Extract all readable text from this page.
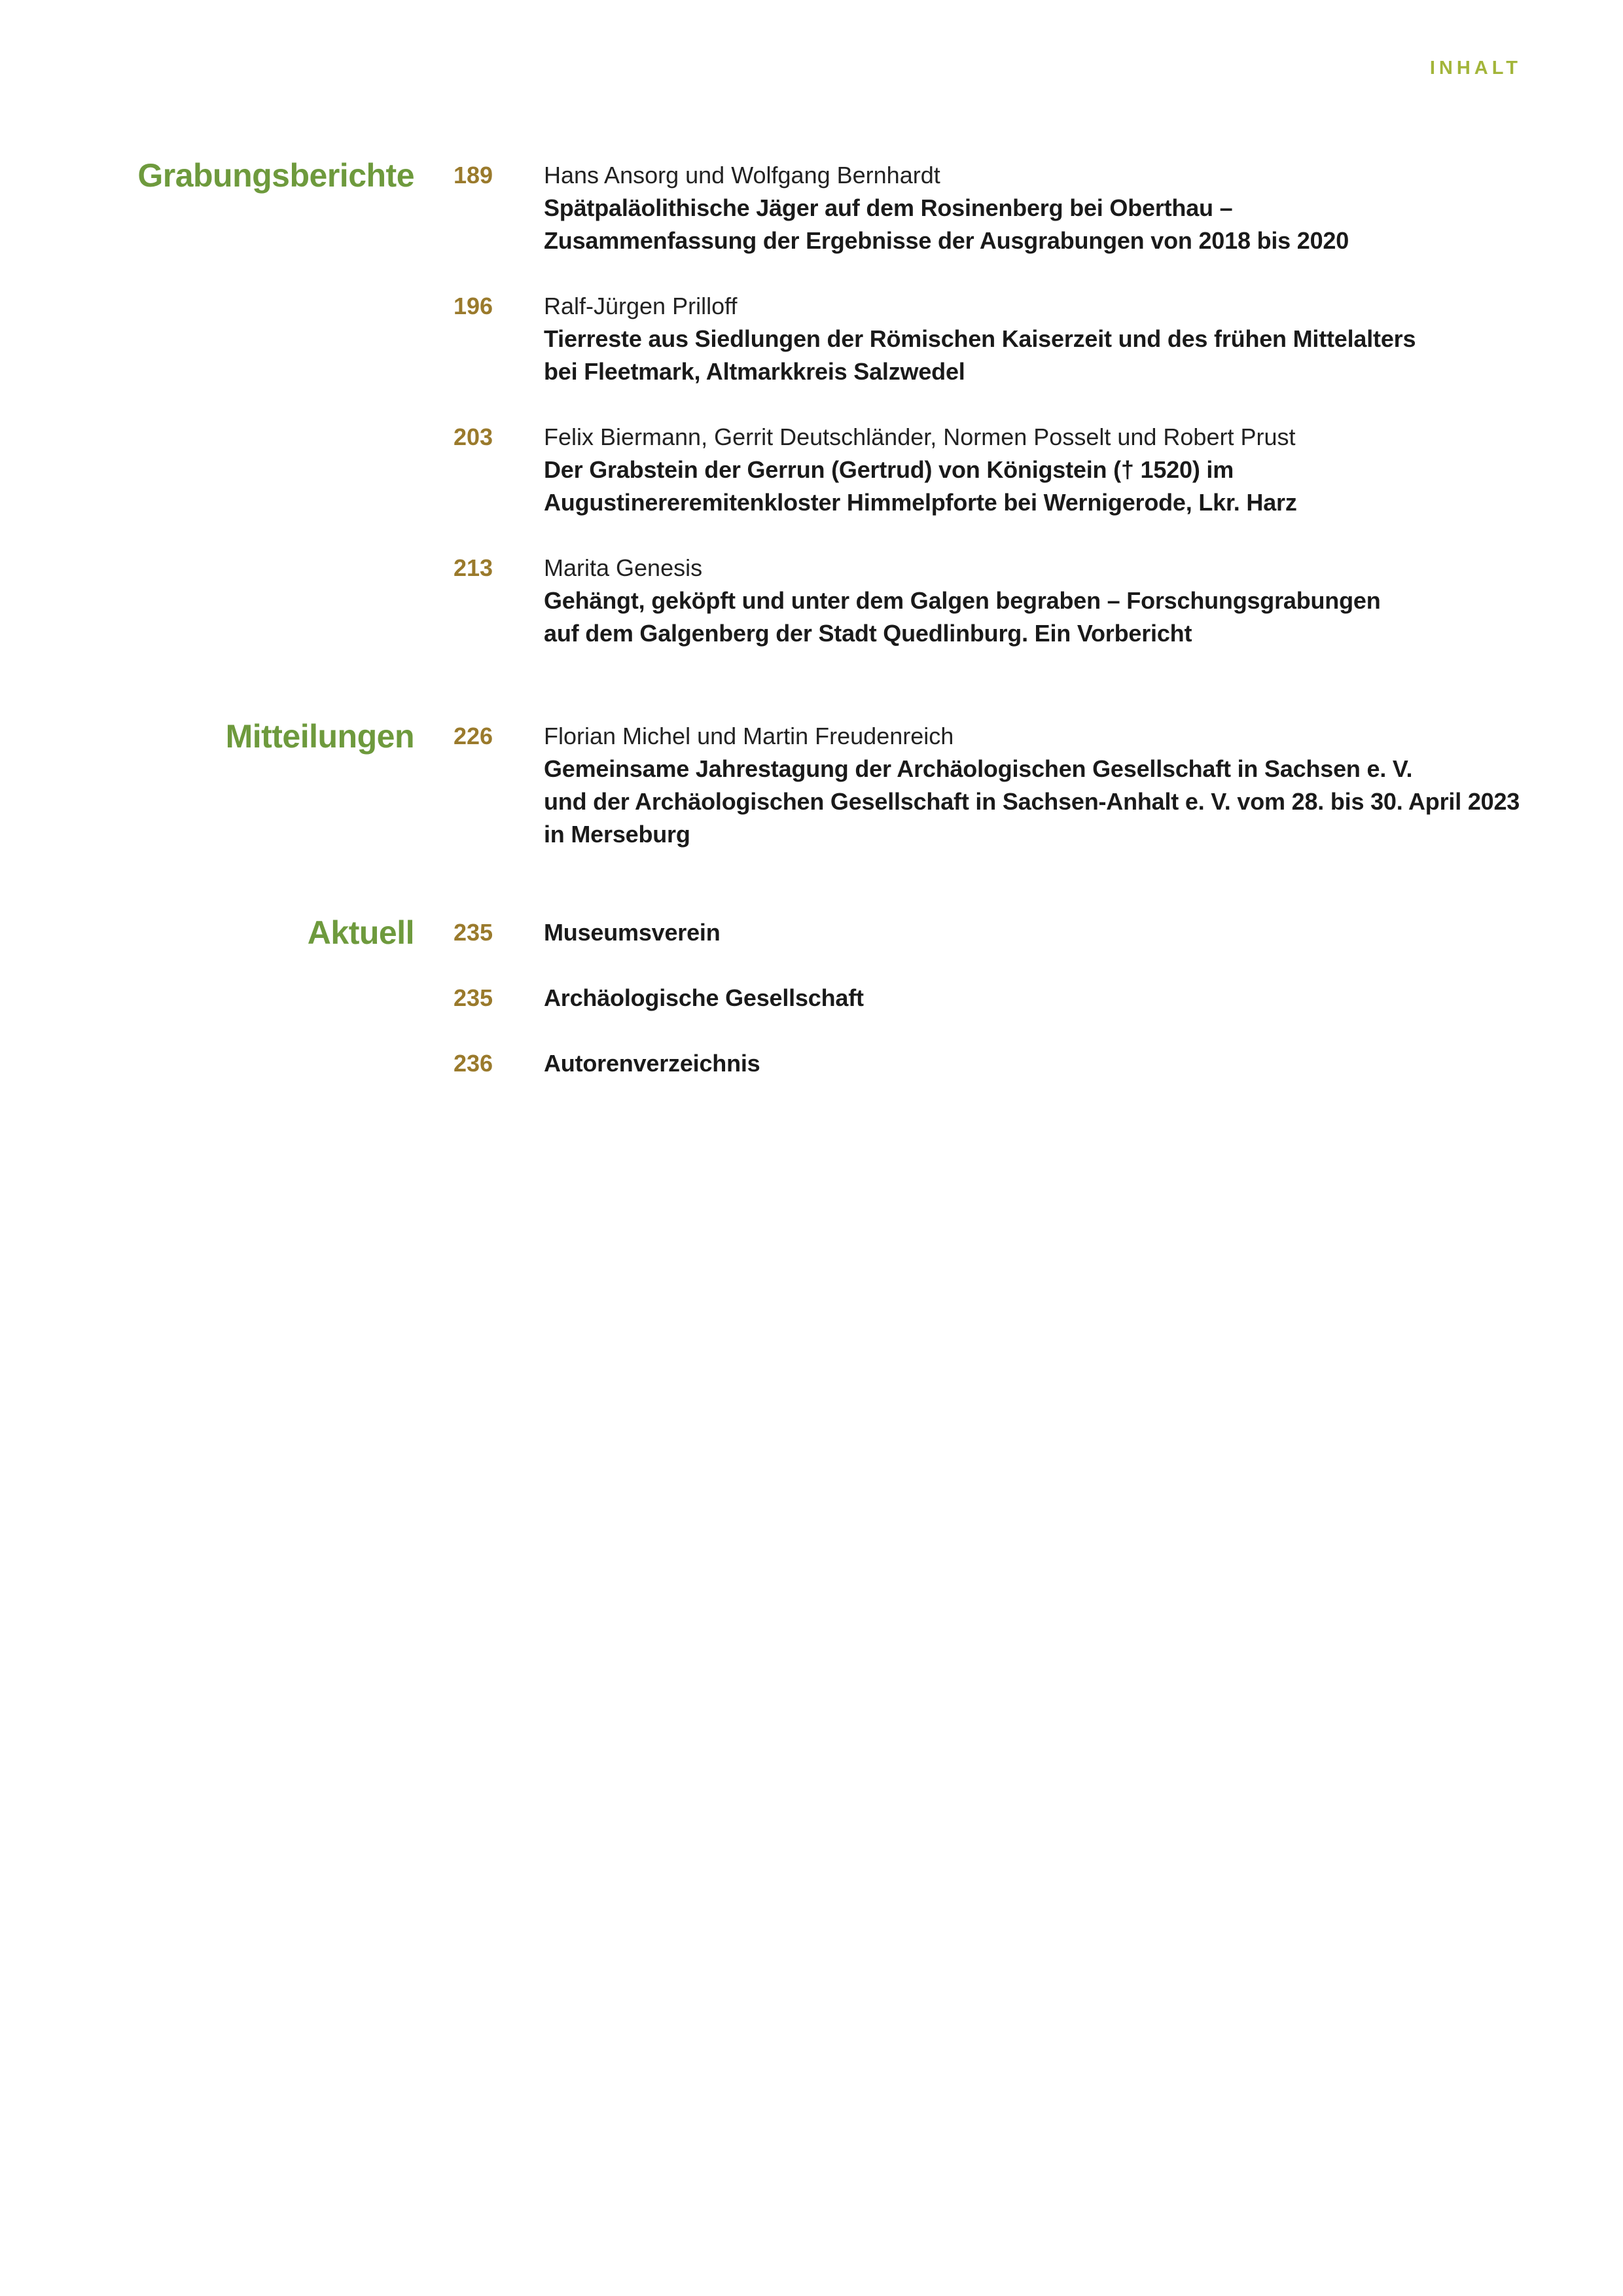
INHALT
Grabungsberichte 189 Hans Ansorg und Wolfgang Bernhardt
Spätpaläolithische Jäger auf dem Rosinenberg bei Oberthau –
Zusammenfassung der Ergebnisse der Ausgrabungen von 2018 bis 2020
196 Ralf-Jürgen Prilloff
Tierreste aus Siedlungen der Römischen Kaiserzeit und des frühen Mittelalters
bei Fleetmark, Altmarkkreis Salzwedel
203 Felix Biermann, Gerrit Deutschländer, Normen Posselt und Robert Prust
Der Grabstein der Gerrun (Gertrud) von Königstein († 1520) im
Augustinereremitenkloster Himmelpforte bei Wernigerode, Lkr. Harz
213 Marita Genesis
Gehängt, geköpft und unter dem Galgen begraben – Forschungsgrabungen
auf dem Galgenberg der Stadt Quedlinburg. Ein Vorbericht
Mitteilungen 226 Florian Michel und Martin Freudenreich
Gemeinsame Jahrestagung der Archäologischen Gesellschaft in Sachsen e. V.
und der Archäologischen Gesellschaft in Sachsen-Anhalt e. V. vom 28. bis 30. April 2023
in Merseburg
Aktuell 235 Museumsverein
235 Archäologische Gesellschaft
236 Autorenverzeichnis
